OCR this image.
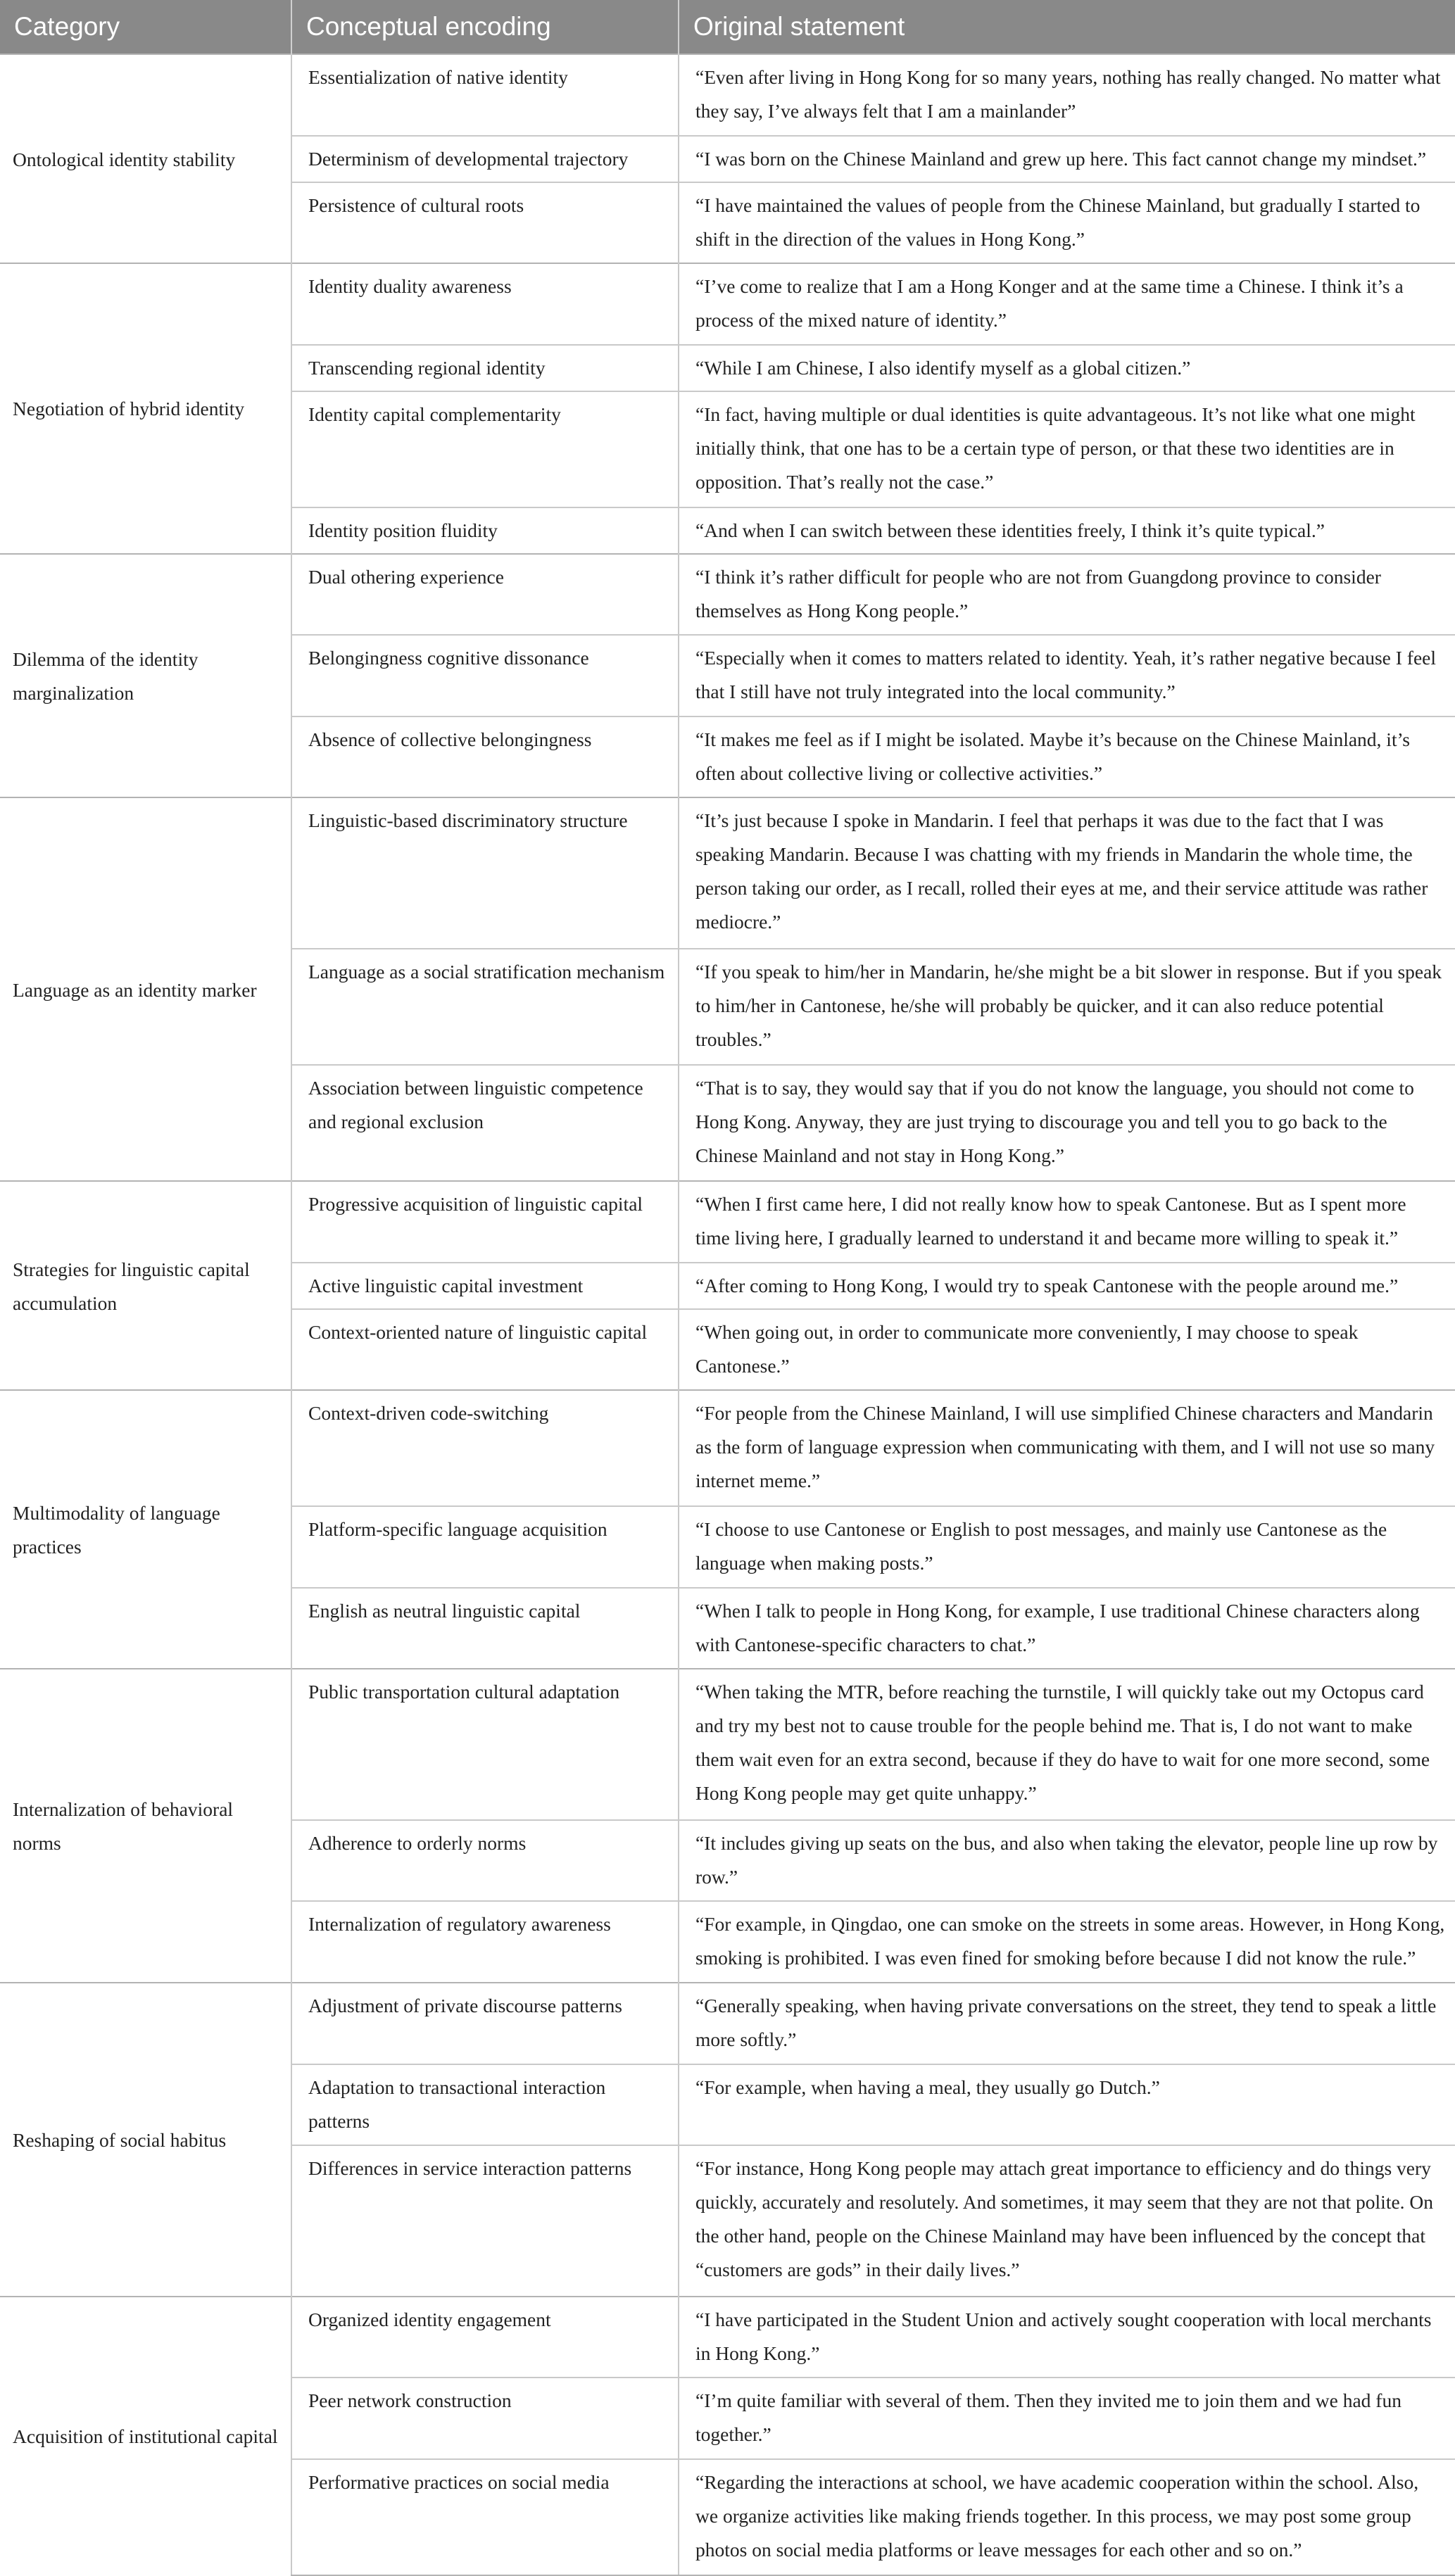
Category	Conceptual encoding	Original statement
Ontological identity stability	Essentialization of native identity	“Even after living in Hong Kong for so many years, nothing has really changed. No matter what they say, I’ve always felt that I am a mainlander”
	Determinism of developmental trajectory	“I was born on the Chinese Mainland and grew up here. This fact cannot change my mindset.”
	Persistence of cultural roots	“I have maintained the values of people from the Chinese Mainland, but gradually I started to shift in the direction of the values in Hong Kong.”
Negotiation of hybrid identity	Identity duality awareness	“I’ve come to realize that I am a Hong Konger and at the same time a Chinese. I think it’s a process of the mixed nature of identity.”
	Transcending regional identity	“While I am Chinese, I also identify myself as a global citizen.”
	Identity capital complementarity	“In fact, having multiple or dual identities is quite advantageous. It’s not like what one might initially think, that one has to be a certain type of person, or that these two identities are in opposition. That’s really not the case.”
	Identity position fluidity	“And when I can switch between these identities freely, I think it’s quite typical.”
Dilemma of the identity marginalization	Dual othering experience	“I think it’s rather difficult for people who are not from Guangdong province to consider themselves as Hong Kong people.”
	Belongingness cognitive dissonance	“Especially when it comes to matters related to identity. Yeah, it’s rather negative because I feel that I still have not truly integrated into the local community.”
	Absence of collective belongingness	“It makes me feel as if I might be isolated. Maybe it’s because on the Chinese Mainland, it’s often about collective living or collective activities.”
Language as an identity marker	Linguistic-based discriminatory structure	“It’s just because I spoke in Mandarin. I feel that perhaps it was due to the fact that I was speaking Mandarin. Because I was chatting with my friends in Mandarin the whole time, the person taking our order, as I recall, rolled their eyes at me, and their service attitude was rather mediocre.”
	Language as a social stratification mechanism	“If you speak to him/her in Mandarin, he/she might be a bit slower in response. But if you speak to him/her in Cantonese, he/she will probably be quicker, and it can also reduce potential troubles.”
	Association between linguistic competence and regional exclusion	“That is to say, they would say that if you do not know the language, you should not come to Hong Kong. Anyway, they are just trying to discourage you and tell you to go back to the Chinese Mainland and not stay in Hong Kong.”
Strategies for linguistic capital accumulation	Progressive acquisition of linguistic capital	“When I first came here, I did not really know how to speak Cantonese. But as I spent more time living here, I gradually learned to understand it and became more willing to speak it.”
	Active linguistic capital investment	“After coming to Hong Kong, I would try to speak Cantonese with the people around me.”
	Context-oriented nature of linguistic capital	“When going out, in order to communicate more conveniently, I may choose to speak Cantonese.”
Multimodality of language practices	Context-driven code-switching	“For people from the Chinese Mainland, I will use simplified Chinese characters and Mandarin as the form of language expression when communicating with them, and I will not use so many internet meme.”
	Platform-specific language acquisition	“I choose to use Cantonese or English to post messages, and mainly use Cantonese as the language when making posts.”
	English as neutral linguistic capital	“When I talk to people in Hong Kong, for example, I use traditional Chinese characters along with Cantonese-specific characters to chat.”
Internalization of behavioral norms	Public transportation cultural adaptation	“When taking the MTR, before reaching the turnstile, I will quickly take out my Octopus card and try my best not to cause trouble for the people behind me. That is, I do not want to make them wait even for an extra second, because if they do have to wait for one more second, some Hong Kong people may get quite unhappy.”
	Adherence to orderly norms	“It includes giving up seats on the bus, and also when taking the elevator, people line up row by row.”
	Internalization of regulatory awareness	“For example, in Qingdao, one can smoke on the streets in some areas. However, in Hong Kong, smoking is prohibited. I was even fined for smoking before because I did not know the rule.”
Reshaping of social habitus	Adjustment of private discourse patterns	“Generally speaking, when having private conversations on the street, they tend to speak a little more softly.”
	Adaptation to transactional interaction patterns	“For example, when having a meal, they usually go Dutch.”
	Differences in service interaction patterns	“For instance, Hong Kong people may attach great importance to efficiency and do things very quickly, accurately and resolutely. And sometimes, it may seem that they are not that polite. On the other hand, people on the Chinese Mainland may have been influenced by the concept that “customers are gods” in their daily lives.”
Acquisition of institutional capital	Organized identity engagement	“I have participated in the Student Union and actively sought cooperation with local merchants in Hong Kong.”
	Peer network construction	“I’m quite familiar with several of them. Then they invited me to join them and we had fun together.”
	Performative practices on social media	“Regarding the interactions at school, we have academic cooperation within the school. Also, we organize activities like making friends together. In this process, we may post some group photos on social media platforms or leave messages for each other and so on.”
